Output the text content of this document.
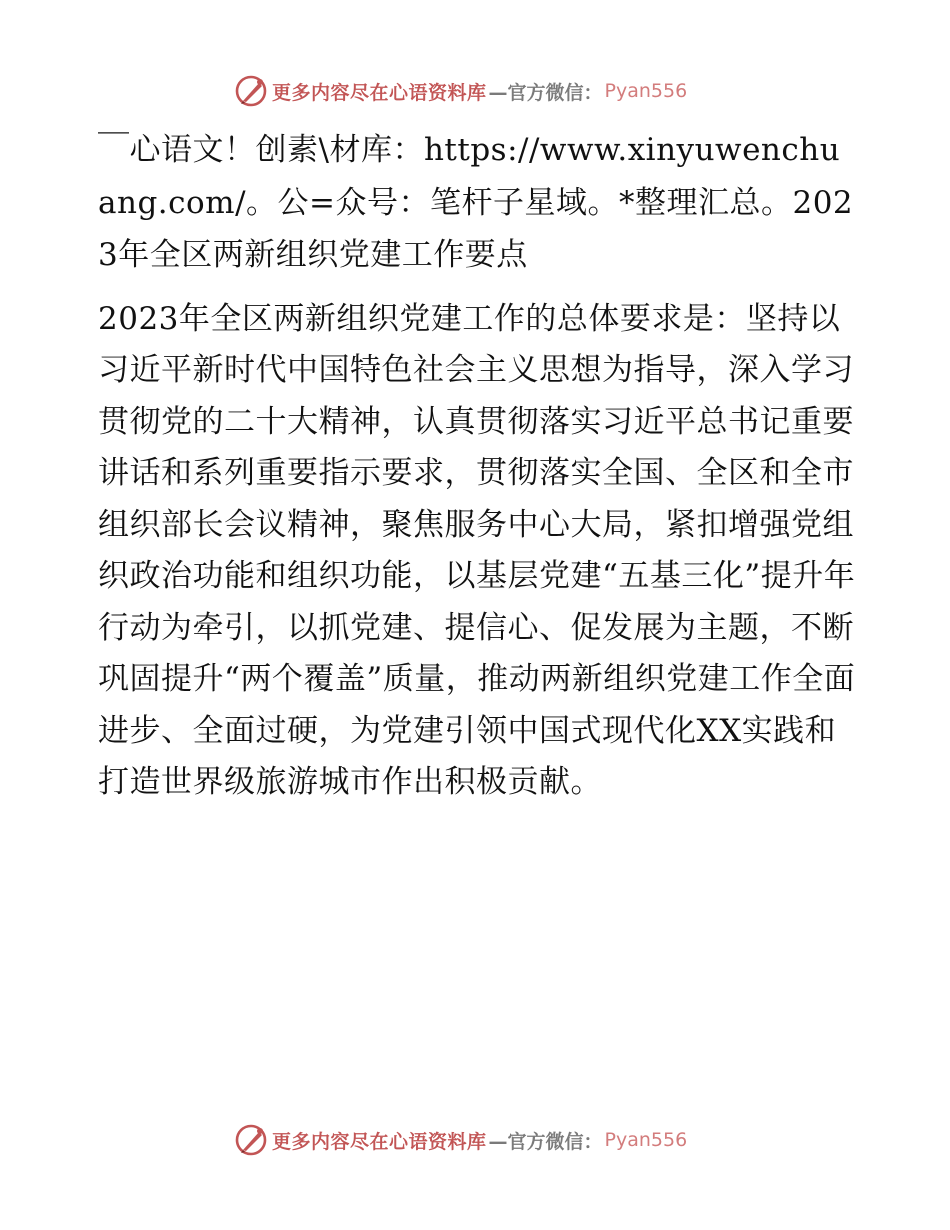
更多内容尽在心语资料库 —官方微信： Pyan556

￣心语文！创素\材库：https://www.xinyuwenchuang.com/。公=众号：笔杆子星域。*整理汇总。2023年全区两新组织党建工作要点

2023年全区两新组织党建工作的总体要求是：坚持以习近平新时代中国特色社会主义思想为指导，深入学习贯彻党的二十大精神，认真贯彻落实习近平总书记重要讲话和系列重要指示要求，贯彻落实全国、全区和全市组织部长会议精神，聚焦服务中心大局，紧扣增强党组织政治功能和组织功能，以基层党建“五基三化”提升年行动为牵引，以抓党建、提信心、促发展为主题，不断巩固提升“两个覆盖”质量，推动两新组织党建工作全面进步、全面过硬，为党建引领中国式现代化XX实践和打造世界级旅游城市作出积极贡献。

更多内容尽在心语资料库 —官方微信： Pyan556
